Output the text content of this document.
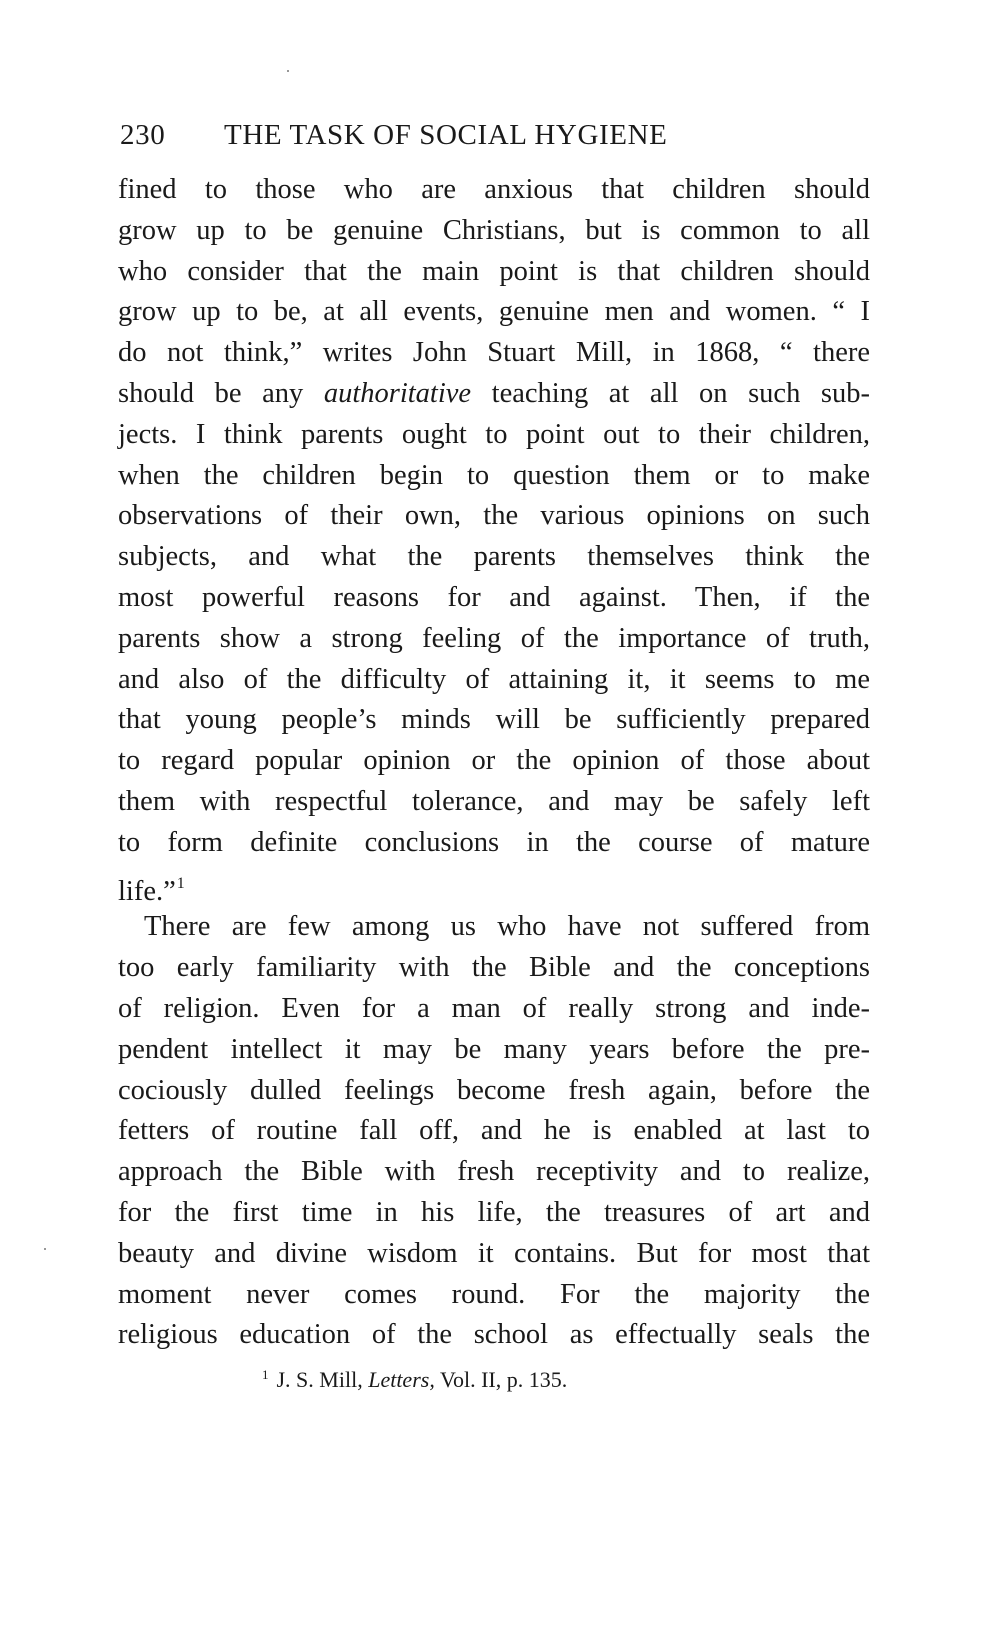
230 THE TASK OF SOCIAL HYGIENE
fined to those who are anxious that children should
grow up to be genuine Christians, but is common to all
who consider that the main point is that children should
grow up to be, at all events, genuine men and women. “ I
do not think,” writes John Stuart Mill, in 1868, “ there
should be any authoritative teaching at all on such sub-
jects. I think parents ought to point out to their children,
when the children begin to question them or to make
observations of their own, the various opinions on such
subjects, and what the parents themselves think the
most powerful reasons for and against. Then, if the
parents show a strong feeling of the importance of truth,
and also of the difficulty of attaining it, it seems to me
that young people’s minds will be sufficiently prepared
to regard popular opinion or the opinion of those about
them with respectful tolerance, and may be safely left
to form definite conclusions in the course of mature
life.”$^1$
There are few among us who have not suffered from
too early familiarity with the Bible and the conceptions
of religion. Even for a man of really strong and inde-
pendent intellect it may be many years before the pre-
cociously dulled feelings become fresh again, before the
fetters of routine fall off, and he is enabled at last to
approach the Bible with fresh receptivity and to realize,
for the first time in his life, the treasures of art and
beauty and divine wisdom it contains. But for most that
moment never comes round. For the majority the
religious education of the school as effectually seals the
$^1$ J. S. Mill, Letters, Vol. II, p. 135.
